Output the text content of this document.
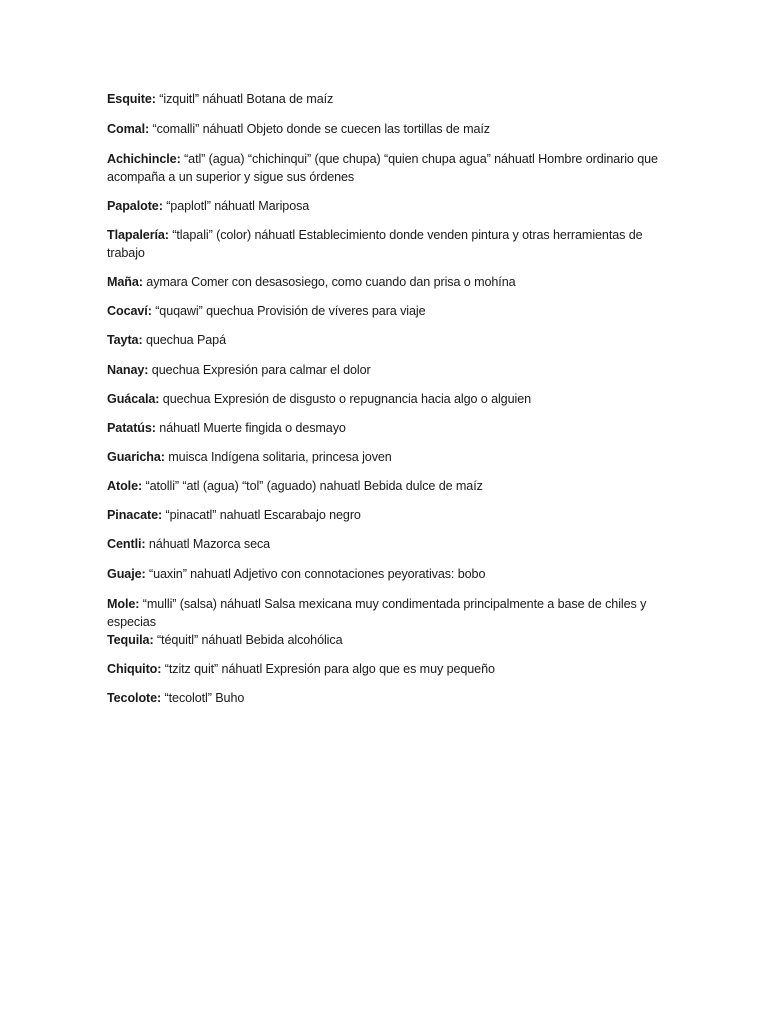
Esquite: “izquitl” náhuatl Botana de maíz

Comal: “comalli” náhuatl Objeto donde se cuecen las tortillas de maíz

Achichincle: “atl” (agua) “chichinqui” (que chupa) “quien chupa agua” náhuatl Hombre ordinario que acompaña a un superior y sigue sus órdenes

Papalote: “paplotl” náhuatl Mariposa

Tlapalería: “tlapali” (color) náhuatl Establecimiento donde venden pintura y otras herramientas de trabajo

Maña: aymara Comer con desasosiego, como cuando dan prisa o mohína

Cocaví: “quqawi” quechua Provisión de víveres para viaje

Tayta: quechua Papá

Nanay: quechua Expresión para calmar el dolor

Guácala: quechua Expresión de disgusto o repugnancia hacia algo o alguien

Patatús: náhuatl Muerte fingida o desmayo

Guaricha: muisca Indígena solitaria, princesa joven

Atole: “atolli” “atl (agua) “tol” (aguado) nahuatl Bebida dulce de maíz

Pinacate: “pinacatl” nahuatl Escarabajo negro

Centli: náhuatl Mazorca seca

Guaje: “uaxin” nahuatl Adjetivo con connotaciones peyorativas: bobo

Mole: “mulli” (salsa) náhuatl Salsa mexicana muy condimentada principalmente a base de chiles y especias

Tequila: “téquitl” náhuatl Bebida alcohólica

Chiquito: “tzitz quit” náhuatl Expresión para algo que es muy pequeño

Tecolote: “tecolotl” Buho
